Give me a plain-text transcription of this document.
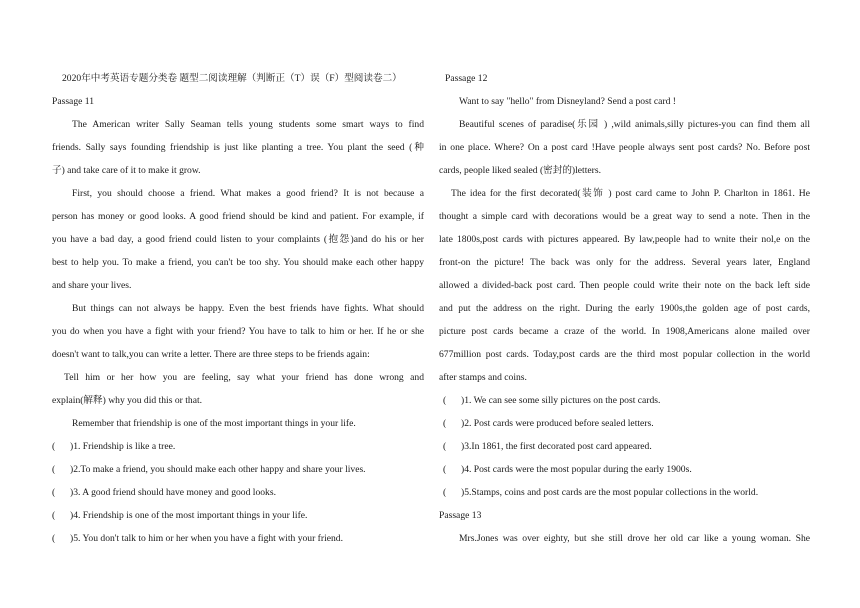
2020年中考英语专题分类卷 题型二阅读理解（判断正（T）误（F）型阅读卷二）
Passage 11
The American writer Sally Seaman tells young students some smart ways to find
friends. Sally says founding friendship is just like planting a tree. You plant the seed (种
子) and take care of it to make it grow.
First, you should choose a friend. What makes a good friend? It is not because a
person has money or good looks. A good friend should be kind and patient. For example, if
you have a bad day, a good friend could listen to your complaints (抱怨)and do his or her
best to help you. To make a friend, you can't be too shy. You should make each other happy
and share your lives.
But things can not always be happy. Even the best friends have fights. What should
you do when you have a fight with your friend? You have to talk to him or her. If he or she
doesn't want to talk,you can write a letter. There are three steps to be friends again:
Tell him or her how you are feeling, say what your friend has done wrong and
explain(解释) why you did this or that.
Remember that friendship is one of the most important things in your life.
( )1. Friendship is like a tree.
( )2.To make a friend, you should make each other happy and share your lives.
( )3. A good friend should have money and good looks.
( )4. Friendship is one of the most important things in your life.
( )5. You don't talk to him or her when you have a fight with your friend.
Passage 12
Want to say "hello" from Disneyland? Send a post card !
Beautiful scenes of paradise(乐园 ) ,wild animals,silly pictures-you can find them all
in one place. Where? On a post card !Have people always sent post cards? No. Before post
cards, people liked sealed (密封的)letters.
The idea for the first decorated(装饰 ) post card came to John P. Charlton in 1861. He
thought a simple card with decorations would be a great way to send a note. Then in the
late 1800s,post cards with pictures appeared. By law,people had to wnite their nol,e on the
front-on the picture! The back was only for the address. Several years later, England
allowed a divided-back post card. Then people could write their note on the back left side
and put the address on the right. During the early 1900s,the golden age of post cards,
picture post cards became a craze of the world. In 1908,Americans alone mailed over
677million post cards. Today,post cards are the third most popular collection in the world
after stamps and coins.
( )1. We can see some silly pictures on the post cards.
( )2. Post cards were produced before sealed letters.
( )3.In 1861, the first decorated post card appeared.
( )4. Post cards were the most popular during the early 1900s.
( )5.Stamps, coins and post cards are the most popular collections in the world.
Passage 13
Mrs.Jones was over eighty, but she still drove her old car like a young woman. She
